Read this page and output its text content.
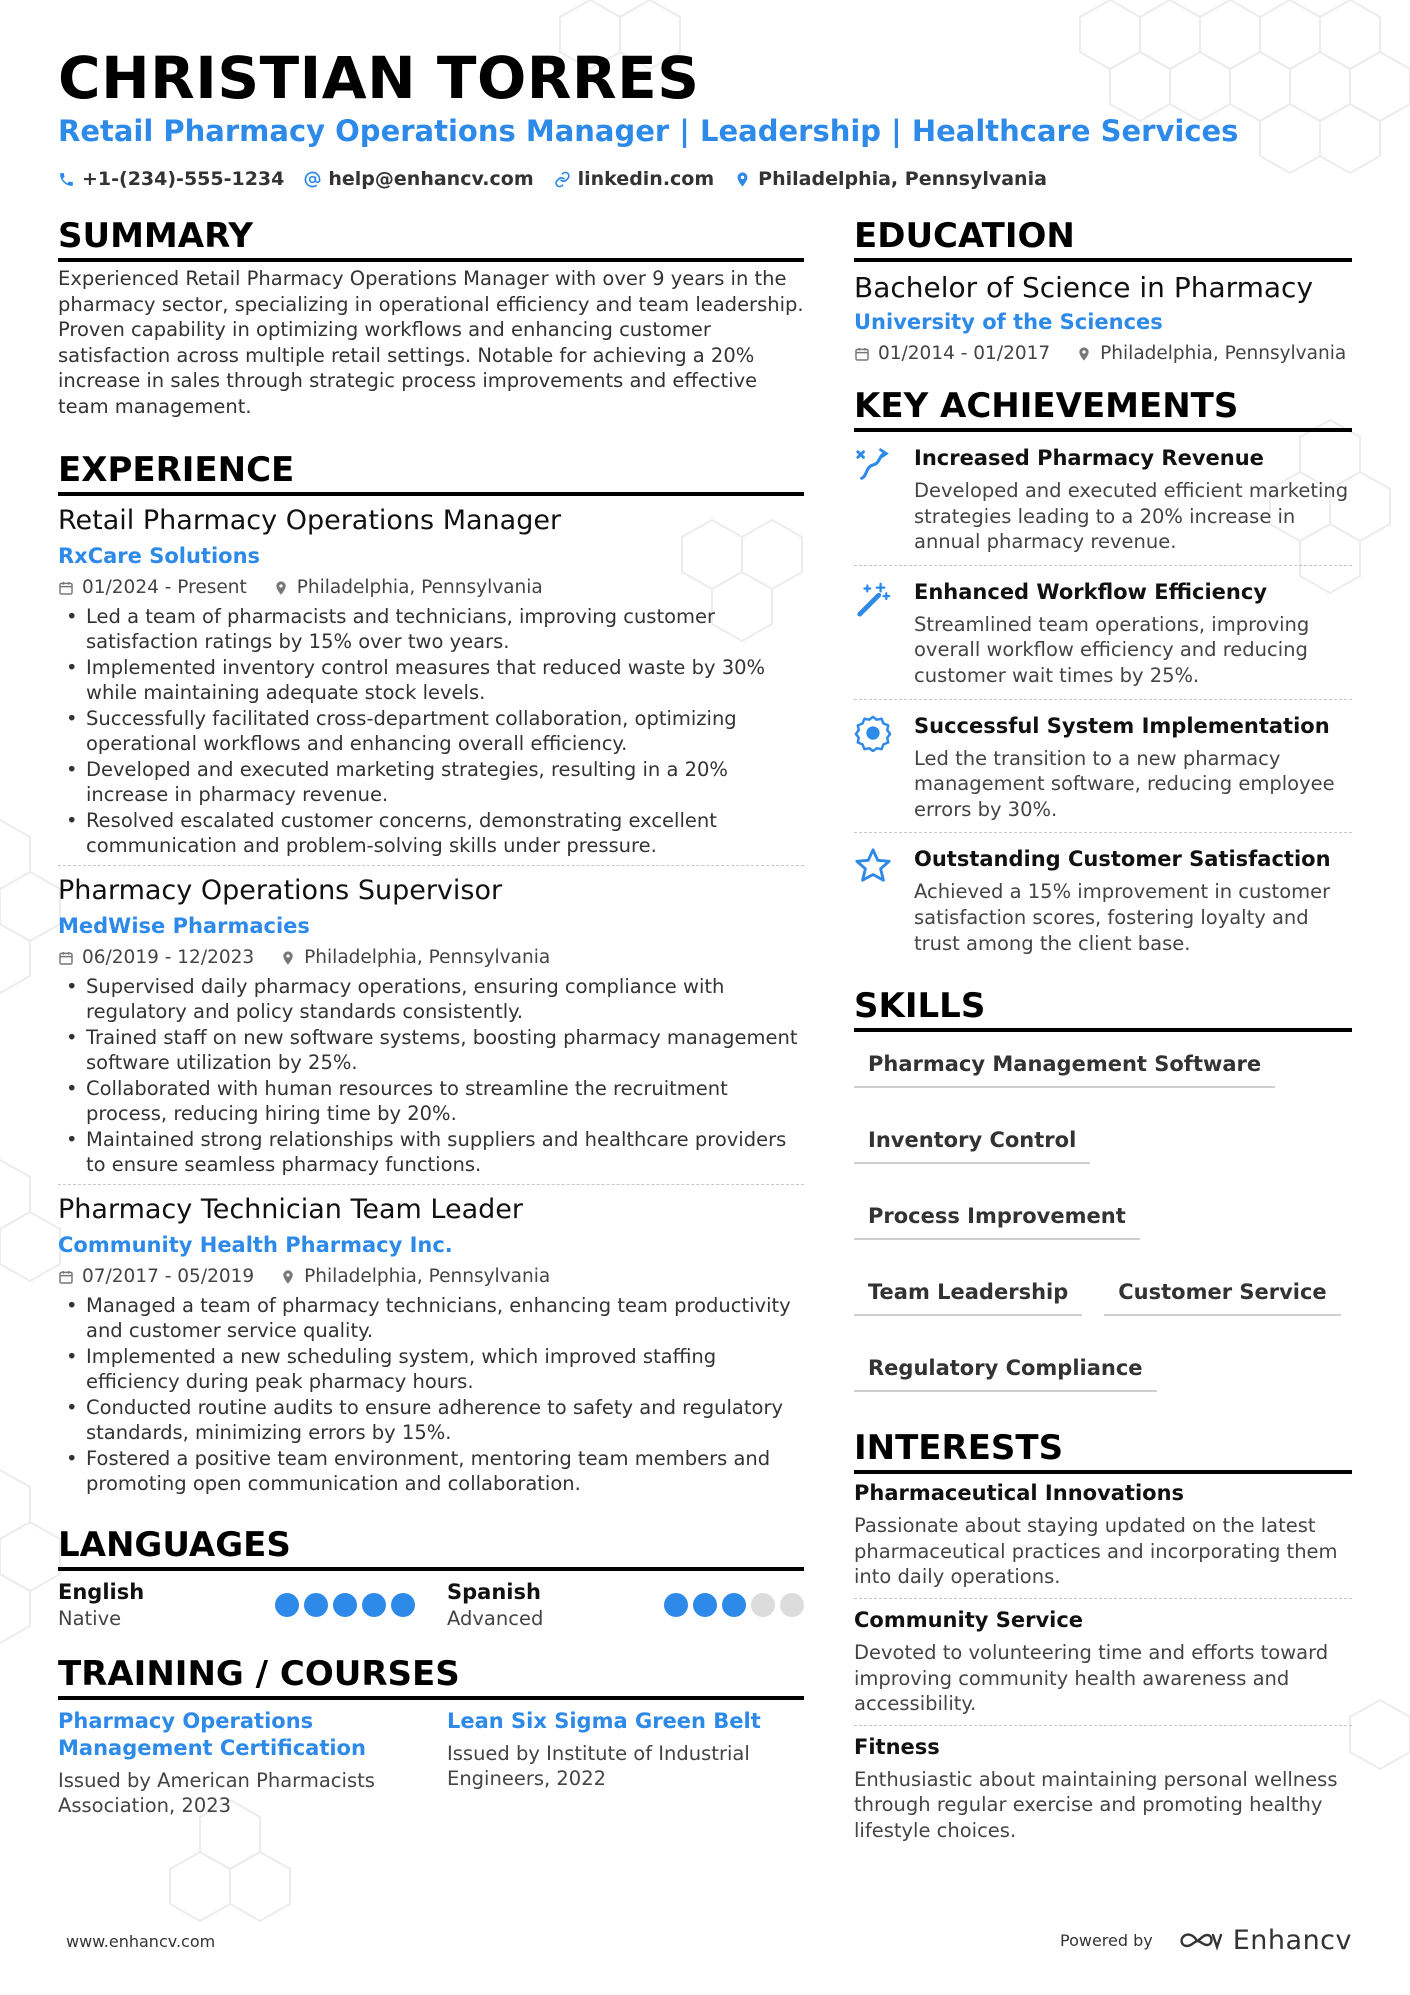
CHRISTIAN TORRES
Retail Pharmacy Operations Manager | Leadership | Healthcare Services
+1-(234)-555-1234 help@enhancv.com linkedin.com Philadelphia, Pennsylvania
SUMMARY

Experienced Retail Pharmacy Operations Manager with over 9 years in the pharmacy sector, specializing in operational efficiency and team leadership. Proven capability in optimizing workflows and enhancing customer satisfaction across multiple retail settings. Notable for achieving a 20% increase in sales through strategic process improvements and effective team management.

EXPERIENCE
Retail Pharmacy Operations Manager
RxCare Solutions
01/2024 - Present	Philadelphia, Pennsylvania
• Led a team of pharmacists and technicians, improving customer satisfaction ratings by 15% over two years.
• Implemented inventory control measures that reduced waste by 30% while maintaining adequate stock levels.
• Successfully facilitated cross-department collaboration, optimizing operational workflows and enhancing overall efficiency.
• Developed and executed marketing strategies, resulting in a 20% increase in pharmacy revenue.
• Resolved escalated customer concerns, demonstrating excellent communication and problem-solving skills under pressure.
Pharmacy Operations Supervisor
MedWise Pharmacies
06/2019 - 12/2023	Philadelphia, Pennsylvania
• Supervised daily pharmacy operations, ensuring compliance with regulatory and policy standards consistently.
• Trained staff on new software systems, boosting pharmacy management software utilization by 25%.
• Collaborated with human resources to streamline the recruitment process, reducing hiring time by 20%.
• Maintained strong relationships with suppliers and healthcare providers to ensure seamless pharmacy functions.
Pharmacy Technician Team Leader
Community Health Pharmacy Inc.
07/2017 - 05/2019	Philadelphia, Pennsylvania
• Managed a team of pharmacy technicians, enhancing team productivity and customer service quality.
• Implemented a new scheduling system, which improved staffing efficiency during peak pharmacy hours.
• Conducted routine audits to ensure adherence to safety and regulatory standards, minimizing errors by 15%.
• Fostered a positive team environment, mentoring team members and promoting open communication and collaboration.
LANGUAGES
English
Native
Spanish
Advanced
TRAINING / COURSES
Pharmacy Operations Management Certification
Issued by American Pharmacists Association, 2023
Lean Six Sigma Green Belt
Issued by Institute of Industrial Engineers, 2022
EDUCATION
Bachelor of Science in Pharmacy
University of the Sciences
01/2014 - 01/2017	Philadelphia, Pennsylvania
KEY ACHIEVEMENTS
Increased Pharmacy Revenue
Developed and executed efficient marketing strategies leading to a 20% increase in annual pharmacy revenue.
Enhanced Workflow Efficiency
Streamlined team operations, improving overall workflow efficiency and reducing customer wait times by 25%.
Successful System Implementation
Led the transition to a new pharmacy management software, reducing employee errors by 30%.
Outstanding Customer Satisfaction
Achieved a 15% improvement in customer satisfaction scores, fostering loyalty and trust among the client base.
SKILLS
Pharmacy Management Software
Inventory Control
Process Improvement
Team Leadership	Customer Service
Regulatory Compliance
INTERESTS
Pharmaceutical Innovations
Passionate about staying updated on the latest pharmaceutical practices and incorporating them into daily operations.
Community Service
Devoted to volunteering time and efforts toward improving community health awareness and accessibility.
Fitness
Enthusiastic about maintaining personal wellness through regular exercise and promoting healthy lifestyle choices.
www.enhancv.com	Powered by	Enhancv
